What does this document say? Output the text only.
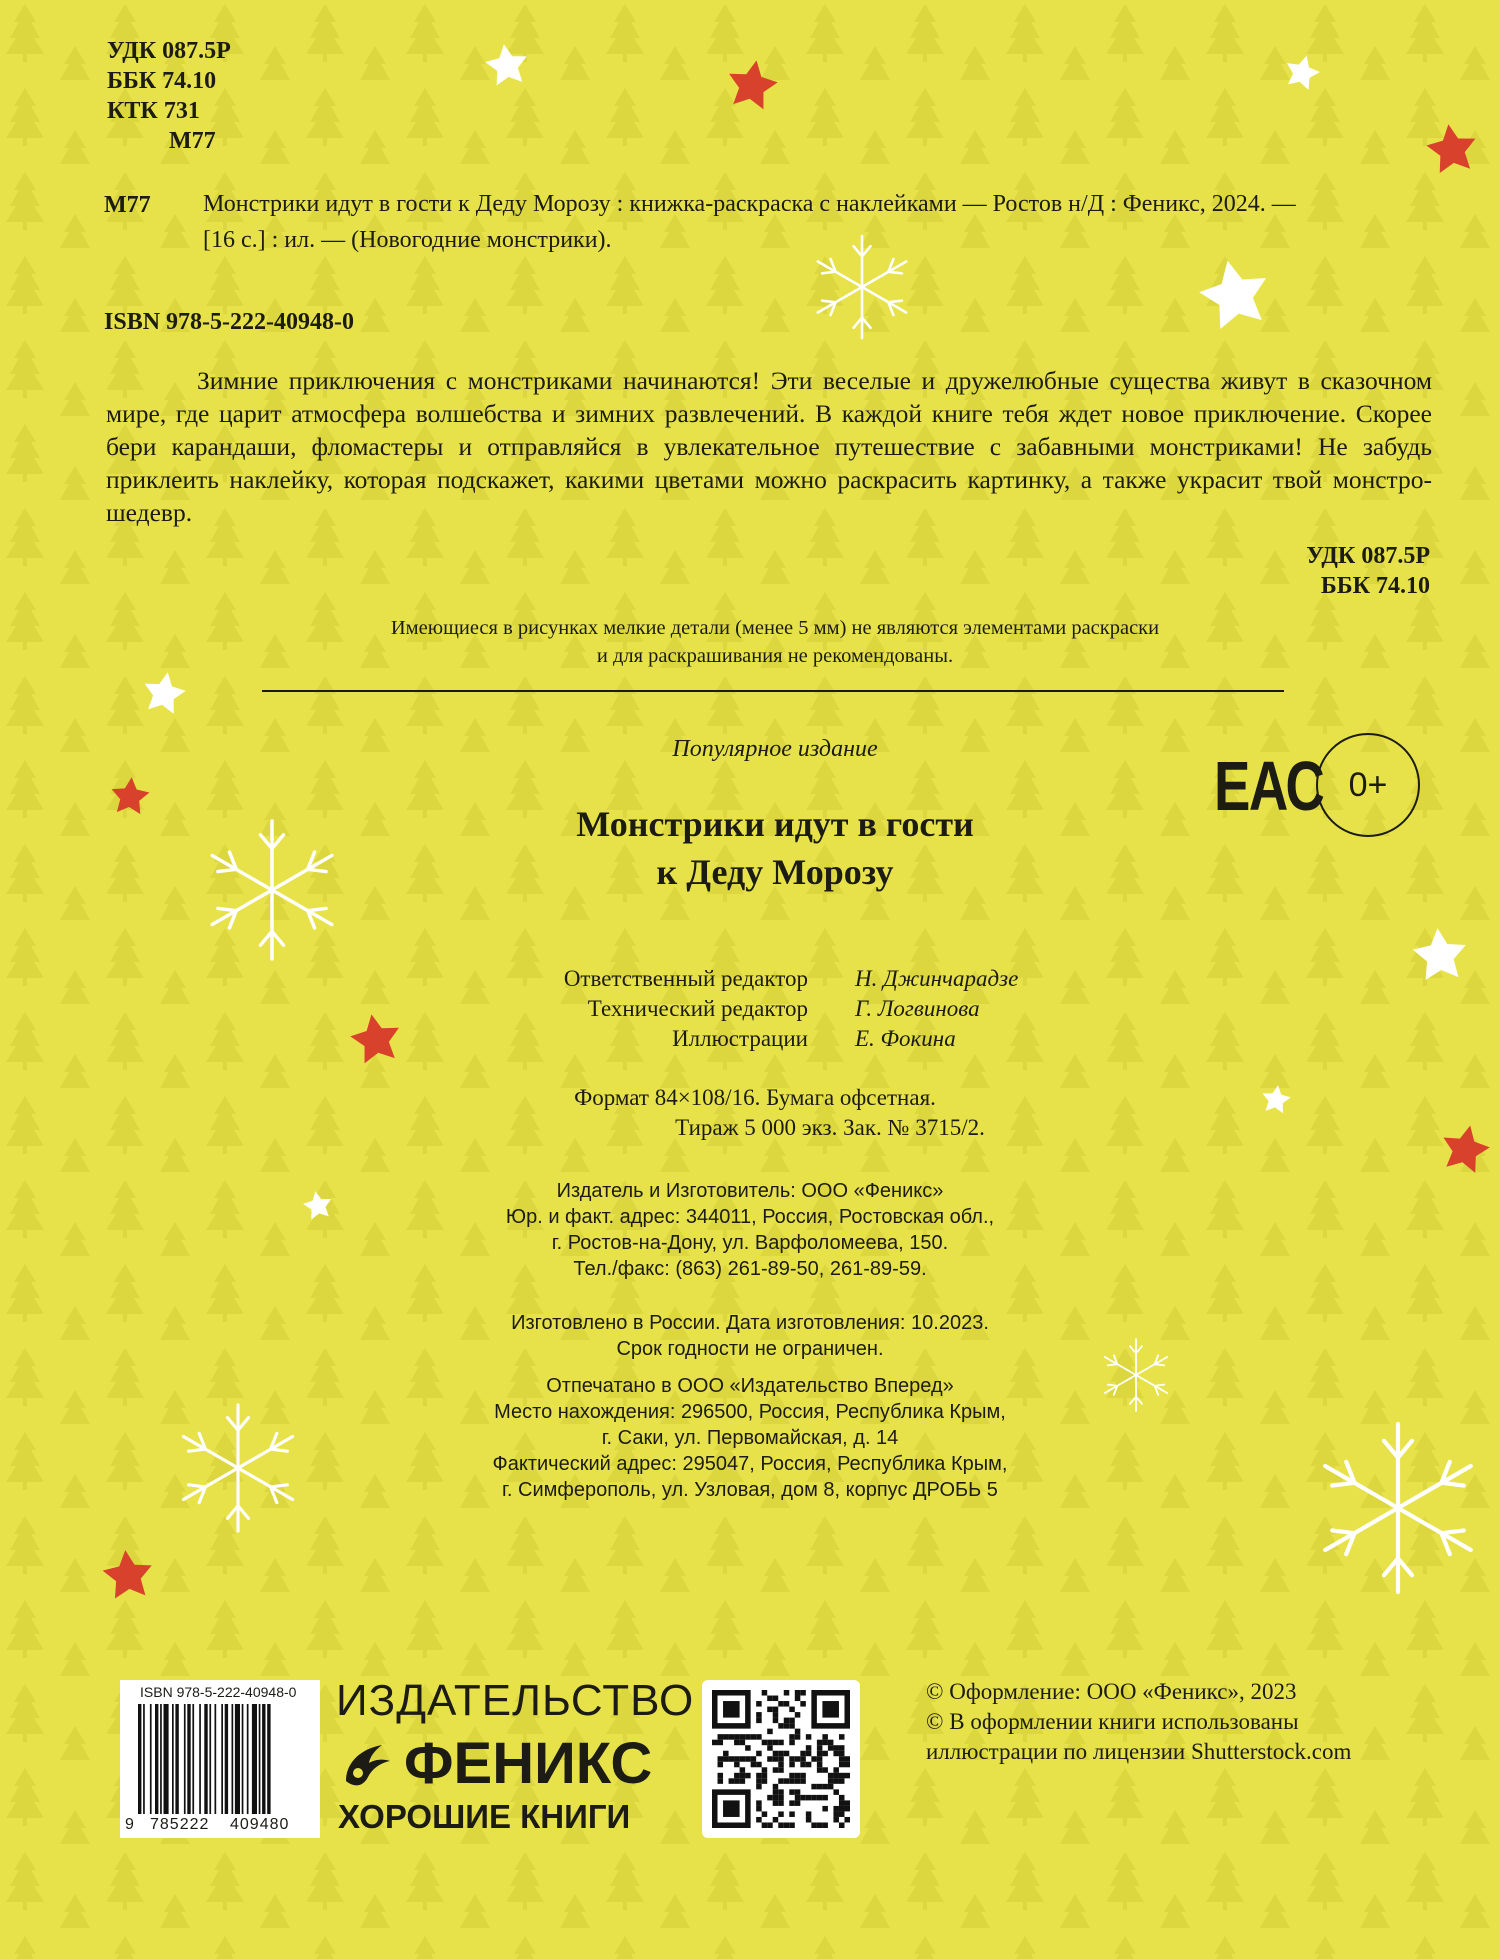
УДК 087.5Р
ББК 74.10
КТК 731
М77
М77 Монстрики идут в гости к Деду Морозу : книжка-раскраска с наклейками — Ростов н/Д : Феникс, 2024. —
[16 с.] : ил. — (Новогодние монстрики).
ISBN 978-5-222-40948-0
Зимние приключения с монстриками начинаются! Эти веселые и дружелюбные существа живут в сказочном мире, где царит атмосфера волшебства и зимних развлечений. В каждой книге тебя ждет новое приключение. Скорее бери карандаши, фломастеры и отправляйся в увлекательное путешествие с забавными монстриками! Не забудь приклеить наклейку, которая подскажет, какими цветами можно раскрасить картинку, а также украсит твой монстро-шедевр.
УДК 087.5Р
ББК 74.10
Имеющиеся в рисунках мелкие детали (менее 5 мм) не являются элементами раскраски
и для раскрашивания не рекомендованы.
Популярное издание	ЕАС 0+
Монстрики идут в гости
к Деду Морозу
Ответственный редактор
Технический редактор
Иллюстрации
Н. Джинчарадзе
Г. Логвинова
Е. Фокина
Формат 84×108/16. Бумага офсетная.
Тираж 5 000 экз. Зак. № 3715/2.
Издатель и Изготовитель: ООО «Феникс»
Юр. и факт. адрес: 344011, Россия, Ростовская обл.,
г. Ростов-на-Дону, ул. Варфоломеева, 150.
Тел./факс: (863) 261-89-50, 261-89-59.
Изготовлено в России. Дата изготовления: 10.2023.
Срок годности не ограничен.
Отпечатано в ООО «Издательство Вперед»
Место нахождения: 296500, Россия, Республика Крым,
г. Саки, ул. Первомайская, д. 14
Фактический адрес: 295047, Россия, Республика Крым,
г. Симферополь, ул. Узловая, дом 8, корпус ДРОБЬ 5
ISBN 978-5-222-40948-0
9 785222 409480
ИЗДАТЕЛЬСТВО
ФЕНИКС
ХОРОШИЕ КНИГИ
© Оформление: ООО «Феникс», 2023
© В оформлении книги использованы
иллюстрации по лицензии Shutterstock.com
